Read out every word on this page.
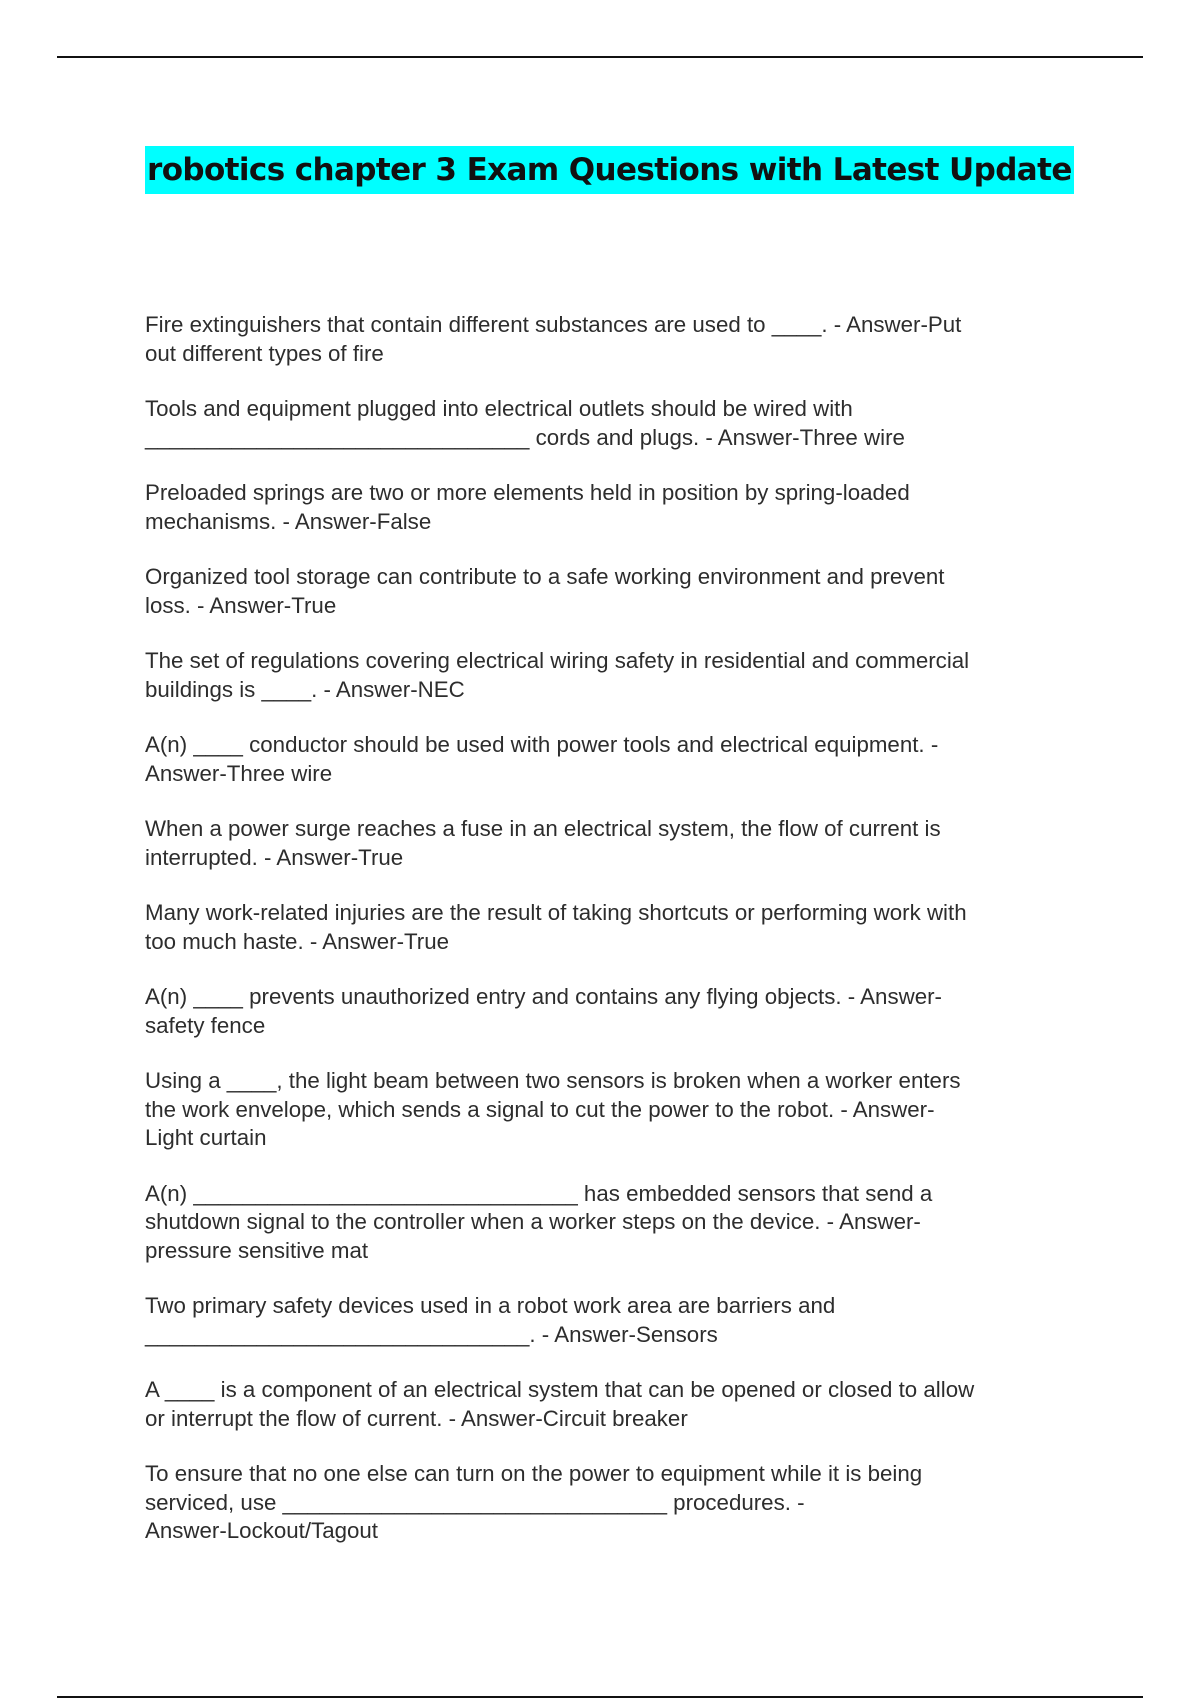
robotics chapter 3 Exam Questions with Latest Update
Fire extinguishers that contain different substances are used to ____. - Answer-Put
out different types of fire
Tools and equipment plugged into electrical outlets should be wired with
_______________________________ cords and plugs. - Answer-Three wire
Preloaded springs are two or more elements held in position by spring-loaded
mechanisms. - Answer-False
Organized tool storage can contribute to a safe working environment and prevent
loss. - Answer-True
The set of regulations covering electrical wiring safety in residential and commercial
buildings is ____. - Answer-NEC
A(n) ____ conductor should be used with power tools and electrical equipment. -
Answer-Three wire
When a power surge reaches a fuse in an electrical system, the flow of current is
interrupted. - Answer-True
Many work-related injuries are the result of taking shortcuts or performing work with
too much haste. - Answer-True
A(n) ____ prevents unauthorized entry and contains any flying objects. - Answer-
safety fence
Using a ____, the light beam between two sensors is broken when a worker enters
the work envelope, which sends a signal to cut the power to the robot. - Answer-
Light curtain
A(n) _______________________________ has embedded sensors that send a
shutdown signal to the controller when a worker steps on the device. - Answer-
pressure sensitive mat
Two primary safety devices used in a robot work area are barriers and
_______________________________. - Answer-Sensors
A ____ is a component of an electrical system that can be opened or closed to allow
or interrupt the flow of current. - Answer-Circuit breaker
To ensure that no one else can turn on the power to equipment while it is being
serviced, use _______________________________ procedures. -
Answer-Lockout/Tagout
